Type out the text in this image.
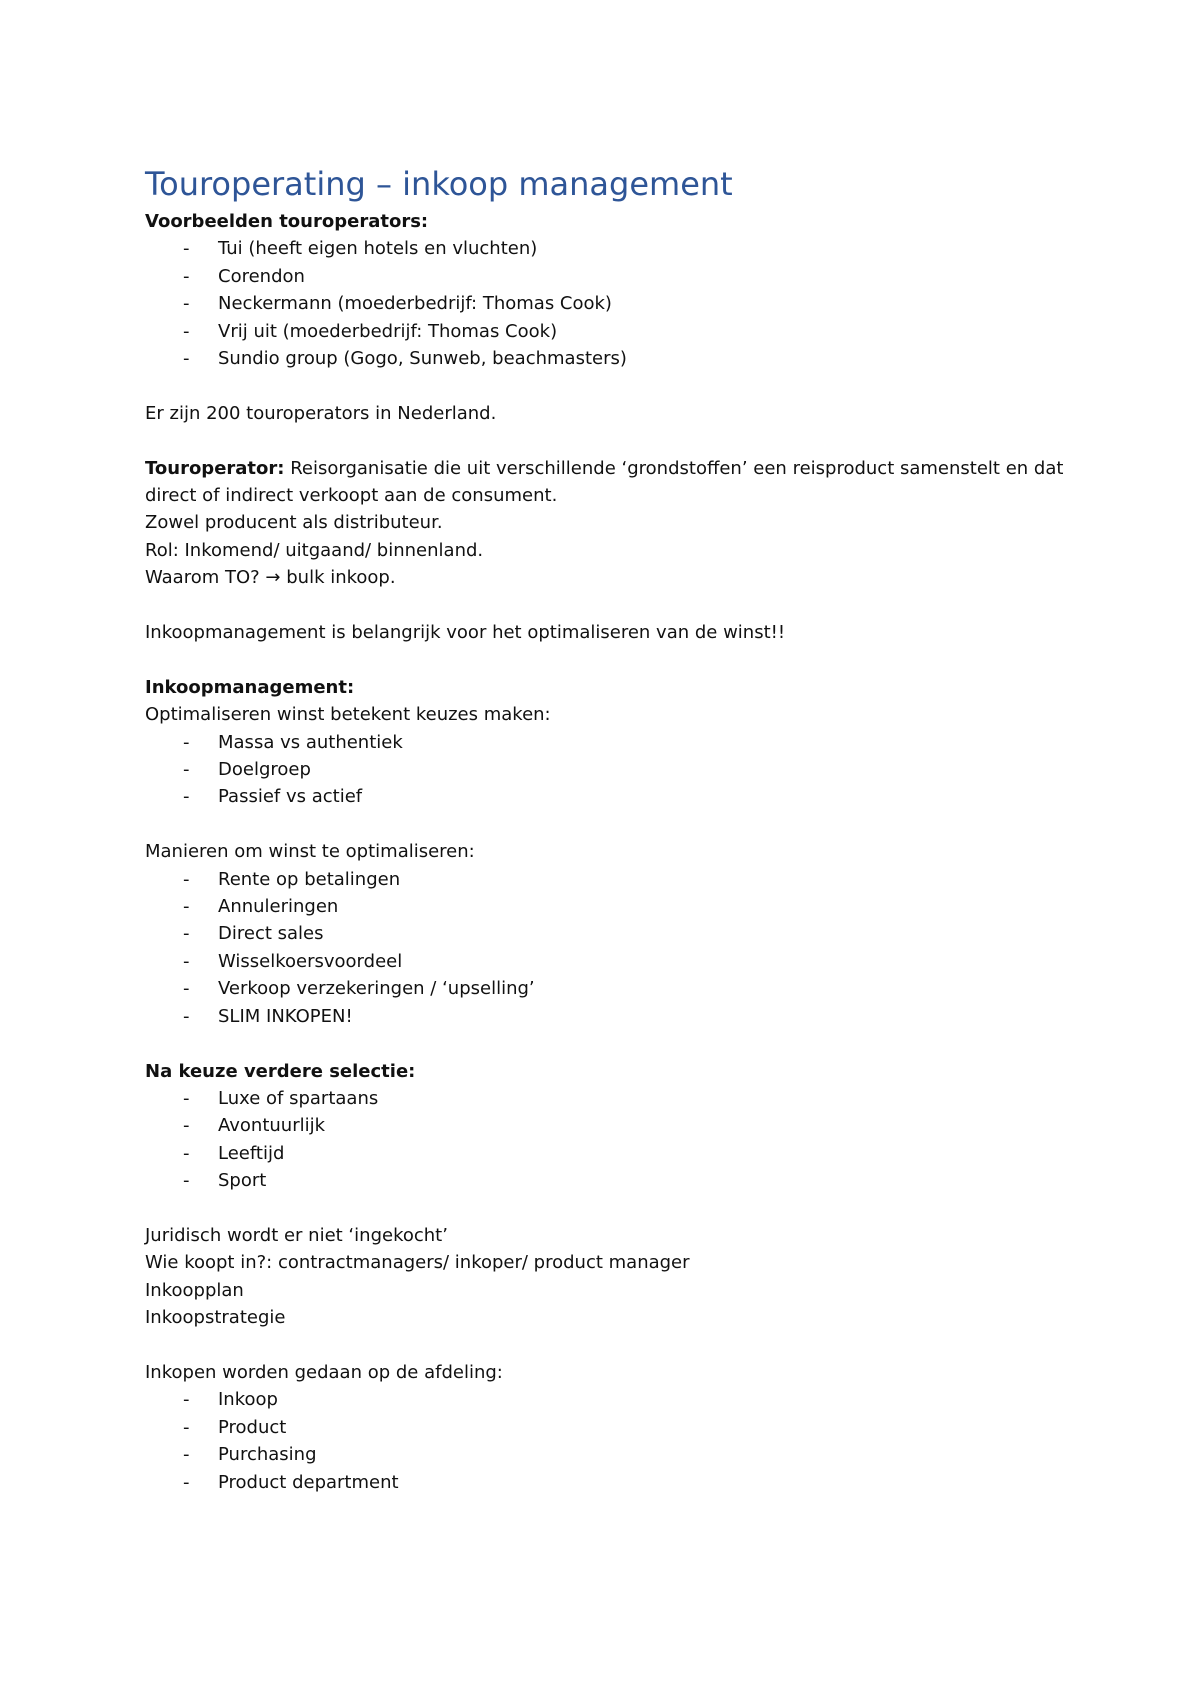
Touroperating – inkoop management

Voorbeelden touroperators:

- Tui (heeft eigen hotels en vluchten)
- Corendon
- Neckermann (moederbedrijf: Thomas Cook)
- Vrij uit (moederbedrijf: Thomas Cook)
- Sundio group (Gogo, Sunweb, beachmasters)

Er zijn 200 touroperators in Nederland.

Touroperator: Reisorganisatie die uit verschillende ‘grondstoffen’ een reisproduct samenstelt en dat direct of indirect verkoopt aan de consument.

Zowel producent als distributeur.

Rol: Inkomend/ uitgaand/ binnenland.

Waarom TO? → bulk inkoop.

Inkoopmanagement is belangrijk voor het optimaliseren van de winst!!

Inkoopmanagement:

Optimaliseren winst betekent keuzes maken:

- Massa vs authentiek
- Doelgroep
- Passief vs actief

Manieren om winst te optimaliseren:

- Rente op betalingen
- Annuleringen
- Direct sales
- Wisselkoersvoordeel
- Verkoop verzekeringen / ‘upselling’
- SLIM INKOPEN!

Na keuze verdere selectie:

- Luxe of spartaans
- Avontuurlijk
- Leeftijd
- Sport

Juridisch wordt er niet ‘ingekocht’

Wie koopt in?: contractmanagers/ inkoper/ product manager

Inkoopplan

Inkoopstrategie

Inkopen worden gedaan op de afdeling:

- Inkoop
- Product
- Purchasing
- Product department
